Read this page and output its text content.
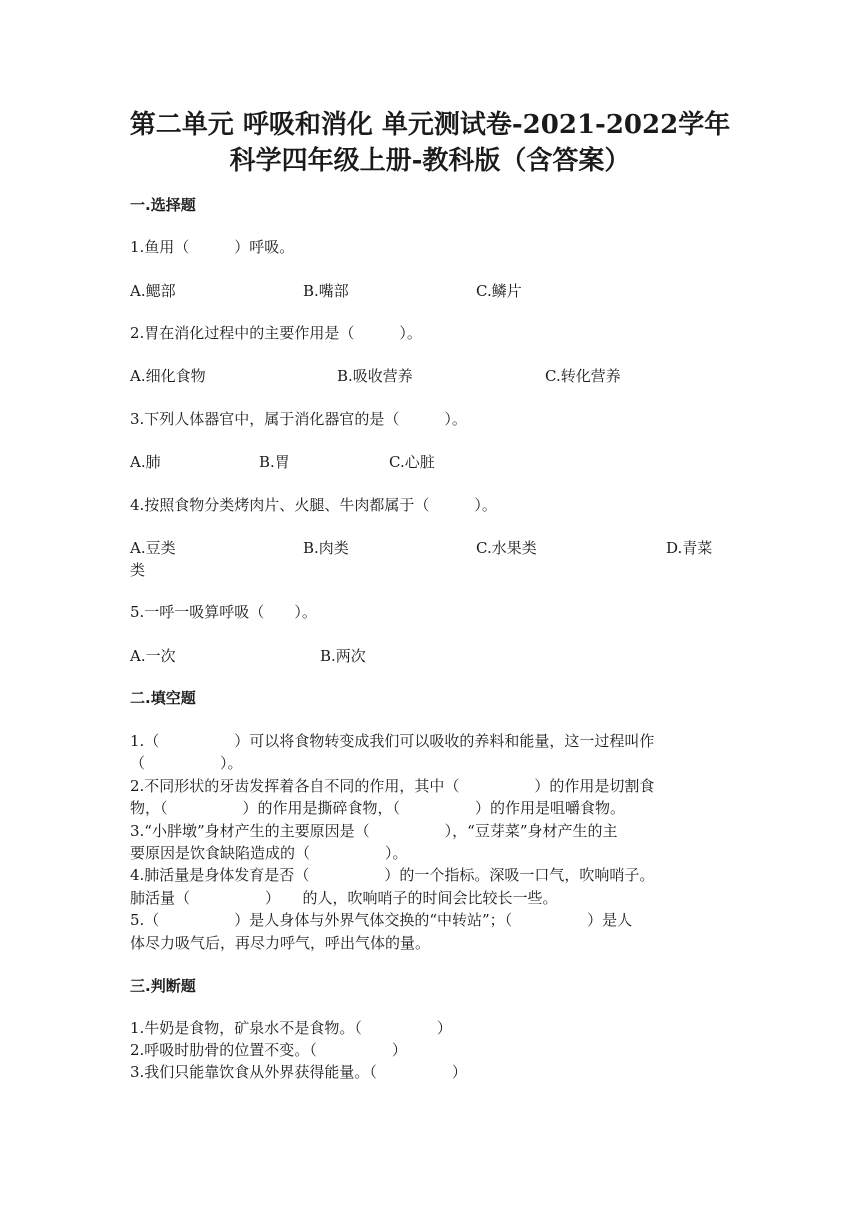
第二单元 呼吸和消化 单元测试卷-2021-2022学年
科学四年级上册-教科版（含答案）
一.选择题
1.鱼用（　　　）呼吸。
A.鳃部	B.嘴部	C.鳞片
2.胃在消化过程中的主要作用是（　　　）。
A.细化食物	B.吸收营养	C.转化营养
3.下列人体器官中，属于消化器官的是（　　　）。
A.肺	B.胃	C.心脏
4.按照食物分类烤肉片、火腿、牛肉都属于（　　　）。
A.豆类	B.肉类	C.水果类	D.青菜
类
5.一呼一吸算呼吸（　　）。
A.一次	B.两次
二.填空题
1.（　　　　　）可以将食物转变成我们可以吸收的养料和能量，这一过程叫作
（　　　　　）。
2.不同形状的牙齿发挥着各自不同的作用，其中（　　　　　）的作用是切割食
物，（　　　　　）的作用是撕碎食物，（　　　　　）的作用是咀嚼食物。
3.“小胖墩”身材产生的主要原因是（　　　　　），“豆芽菜”身材产生的主
要原因是饮食缺陷造成的（　　　　　）。
4.肺活量是身体发育是否（　　　　　）的一个指标。深吸一口气，吹响哨子。
肺活量（　　　　　）　　的人，吹响哨子的时间会比较长一些。
5.（　　　　　）是人身体与外界气体交换的“中转站”；（　　　　　）是人
体尽力吸气后，再尽力呼气，呼出气体的量。
三.判断题
1.牛奶是食物，矿泉水不是食物。（　　　　　）
2.呼吸时肋骨的位置不变。（　　　　　）
3.我们只能靠饮食从外界获得能量。（　　　　　）
